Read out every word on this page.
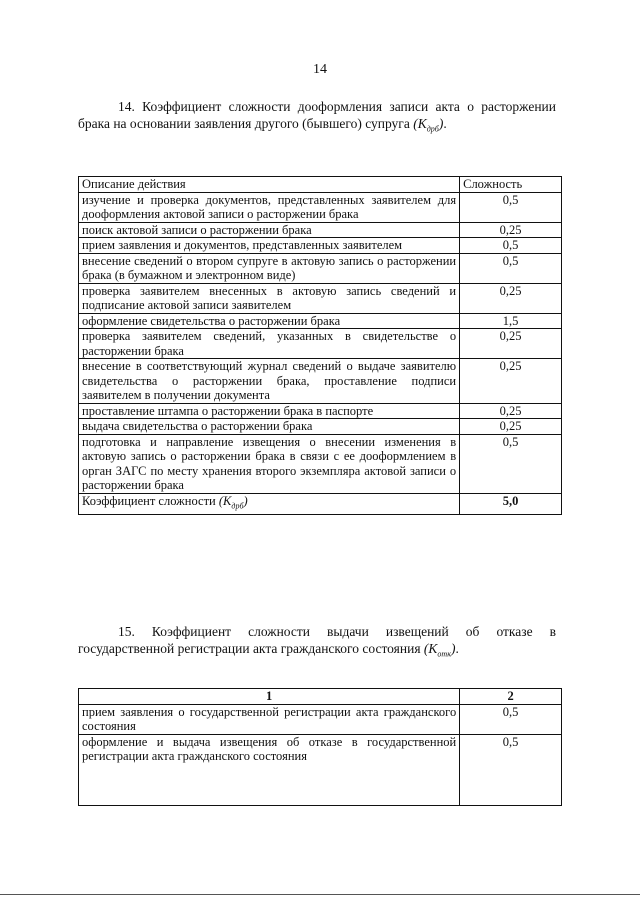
14
14. Коэффициент сложности дооформления записи акта о расторжении брака на основании заявления другого (бывшего) супруга $(K_{дрб})$.
Описание действия	Сложность
изучение и проверка документов, представленных заявителем для дооформления актовой записи о расторжении брака	0,5
поиск актовой записи о расторжении брака	0,25
прием заявления и документов, представленных заявителем	0,5
внесение сведений о втором супруге в актовую запись о расторжении брака (в бумажном и электронном виде)	0,5
проверка заявителем внесенных в актовую запись сведений и подписание актовой записи заявителем	0,25
оформление свидетельства о расторжении брака	1,5
проверка заявителем сведений, указанных в свидетельстве о расторжении брака	0,25
внесение в соответствующий журнал сведений о выдаче заявителю свидетельства о расторжении брака, проставление подписи заявителем в получении документа	0,25
проставление штампа о расторжении брака в паспорте	0,25
выдача свидетельства о расторжении брака	0,25
подготовка и направление извещения о внесении изменения в актовую запись о расторжении брака в связи с ее дооформлением в орган ЗАГС по месту хранения второго экземпляра актовой записи о расторжении брака	0,5
Коэффициент сложности $(K_{дрб})$	5,0
15. Коэффициент сложности выдачи извещений об отказе в государственной регистрации акта гражданского состояния $(K_{отк})$.
1	2
прием заявления о государственной регистрации акта гражданского состояния	0,5
оформление и выдача извещения об отказе в государственной регистрации акта гражданского состояния	0,5
